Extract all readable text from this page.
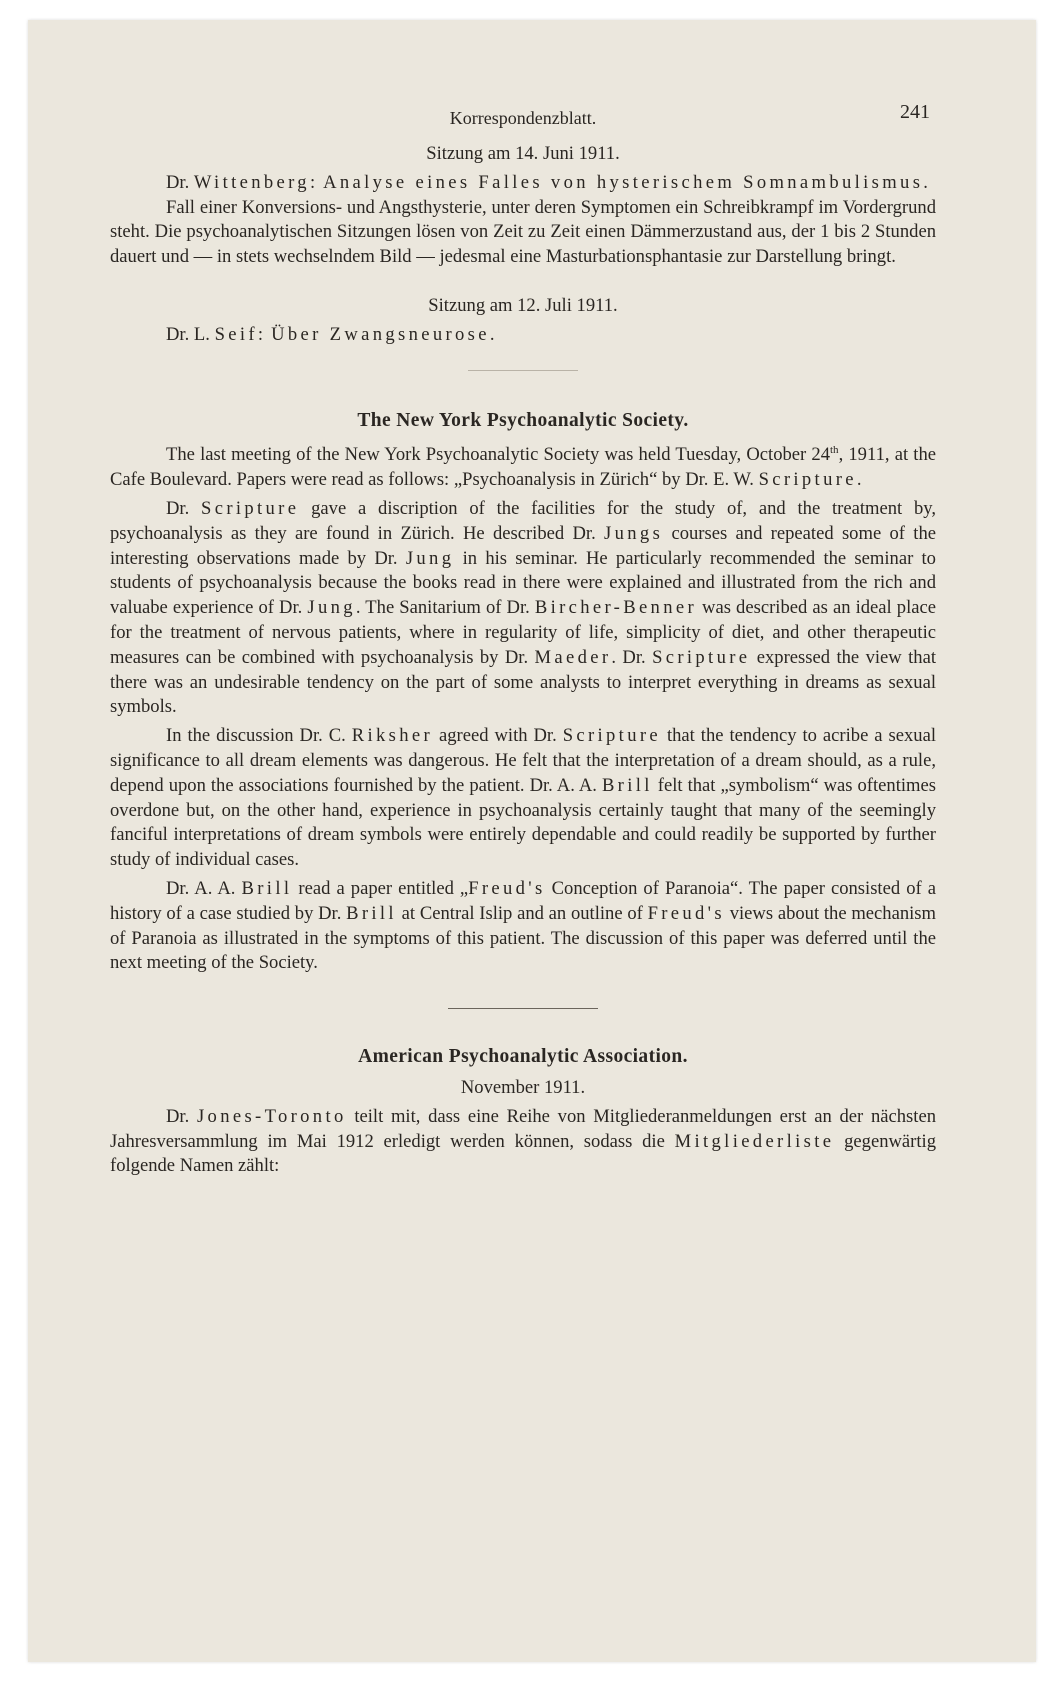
Korrespondenzblatt.	241
Sitzung am 14. Juni 1911.

Dr. Wittenberg: Analyse eines Falles von hysterischem Somnambulismus.

Fall einer Konversions- und Angsthysterie, unter deren Symptomen ein Schreibkrampf im Vordergrund steht. Die psychoanalytischen Sitzungen lösen von Zeit zu Zeit einen Dämmerzustand aus, der 1 bis 2 Stunden dauert und — in stets wechselndem Bild — jedesmal eine Masturbationsphantasie zur Darstellung bringt.

Sitzung am 12. Juli 1911.

Dr. L. Seif: Über Zwangsneurose.

The New York Psychoanalytic Society.

The last meeting of the New York Psychoanalytic Society was held Tuesday, October 24th, 1911, at the Cafe Boulevard. Papers were read as follows: „Psychoanalysis in Zürich“ by Dr. E. W. Scripture.

Dr. Scripture gave a discription of the facilities for the study of, and the treatment by, psychoanalysis as they are found in Zürich. He described Dr. Jungs courses and repeated some of the interesting observations made by Dr. Jung in his seminar. He particularly recommended the seminar to students of psychoanalysis because the books read in there were explained and illustrated from the rich and valuabe experience of Dr. Jung. The Sanitarium of Dr. Bircher-Benner was described as an ideal place for the treatment of nervous patients, where in regularity of life, simplicity of diet, and other therapeutic measures can be combined with psychoanalysis by Dr. Maeder. Dr. Scripture expressed the view that there was an undesirable tendency on the part of some analysts to interpret everything in dreams as sexual symbols.

In the discussion Dr. C. Riksher agreed with Dr. Scripture that the tendency to acribe a sexual significance to all dream elements was dangerous. He felt that the interpretation of a dream should, as a rule, depend upon the associations fournished by the patient. Dr. A. A. Brill felt that „symbolism“ was oftentimes overdone but, on the other hand, experience in psychoanalysis certainly taught that many of the seemingly fanciful interpretations of dream symbols were entirely dependable and could readily be supported by further study of individual cases.

Dr. A. A. Brill read a paper entitled „Freud's Conception of Paranoia“. The paper consisted of a history of a case studied by Dr. Brill at Central Islip and an outline of Freud's views about the mechanism of Paranoia as illustrated in the symptoms of this patient. The discussion of this paper was deferred until the next meeting of the Society.

American Psychoanalytic Association.
November 1911.

Dr. Jones-Toronto teilt mit, dass eine Reihe von Mitgliederanmeldungen erst an der nächsten Jahresversammlung im Mai 1912 erledigt werden können, sodass die Mitgliederliste gegenwärtig folgende Namen zählt:
